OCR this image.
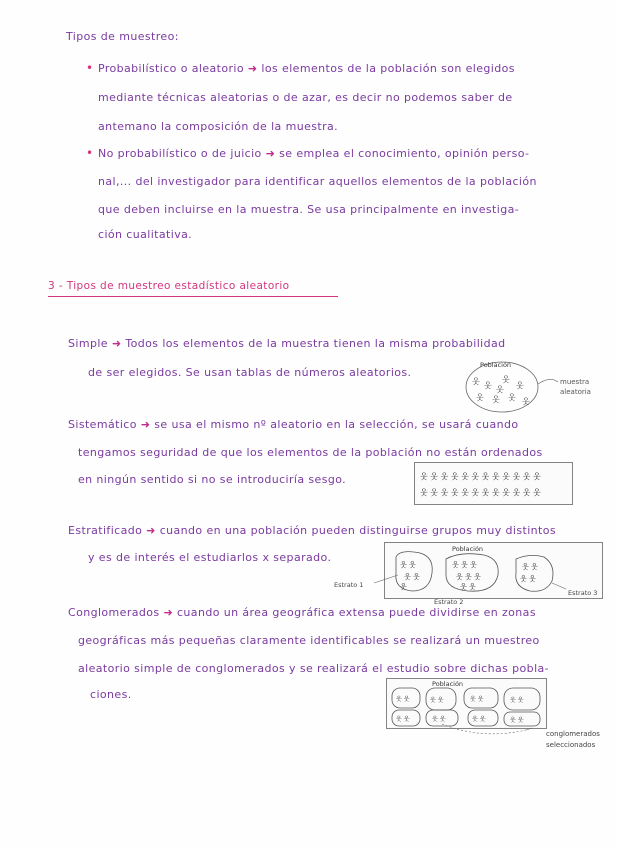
Tipos de muestreo:
• Probabilístico o aleatorio ➜ los elementos de la población son elegidos
mediante técnicas aleatorias o de azar, es decir no podemos saber de
antemano la composición de la muestra.
• No probabilístico o de juicio ➜ se emplea el conocimiento, opinión perso-
nal,... del investigador para identificar aquellos elementos de la población
que deben incluirse en la muestra. Se usa principalmente en investiga-
ción cualitativa.
3 - Tipos de muestreo estadístico aleatorio
Simple ➜ Todos los elementos de la muestra tienen la misma probabilidad
de ser elegidos. Se usan tablas de números aleatorios.
Población
웃 웃
웃
웃
웃 웃 웃 웃
웃
muestra
aleatoria
Sistemático ➜ se usa el mismo nº aleatorio en la selección, se usará cuando
tengamos seguridad de que los elementos de la población no están ordenados
en ningún sentido si no se introduciría sesgo.	웃 웃 웃 웃 웃 웃 웃 웃 웃 웃 웃 웃
웃 웃 웃 웃 웃 웃 웃 웃 웃 웃 웃 웃
Estratificado ➜ cuando en una población pueden distinguirse grupos muy distintos
y es de interés el estudiarlos x separado.
Población
웃 웃
웃 웃
웃
웃 웃 웃
웃 웃 웃
웃 웃
웃 웃
웃 웃
Estrato 1
Estrato 2
Estrato 3
Conglomerados ➜ cuando un área geográfica extensa puede dividirse en zonas
geográficas más pequeñas claramente identificables se realizará un muestreo
aleatorio simple de conglomerados y se realizará el estudio sobre dichas pobla-
ciones.
Población
웃 웃	웃 웃	웃 웃	웃 웃
웃 웃	웃 웃	웃 웃	웃 웃
conglomerados
seleccionados
